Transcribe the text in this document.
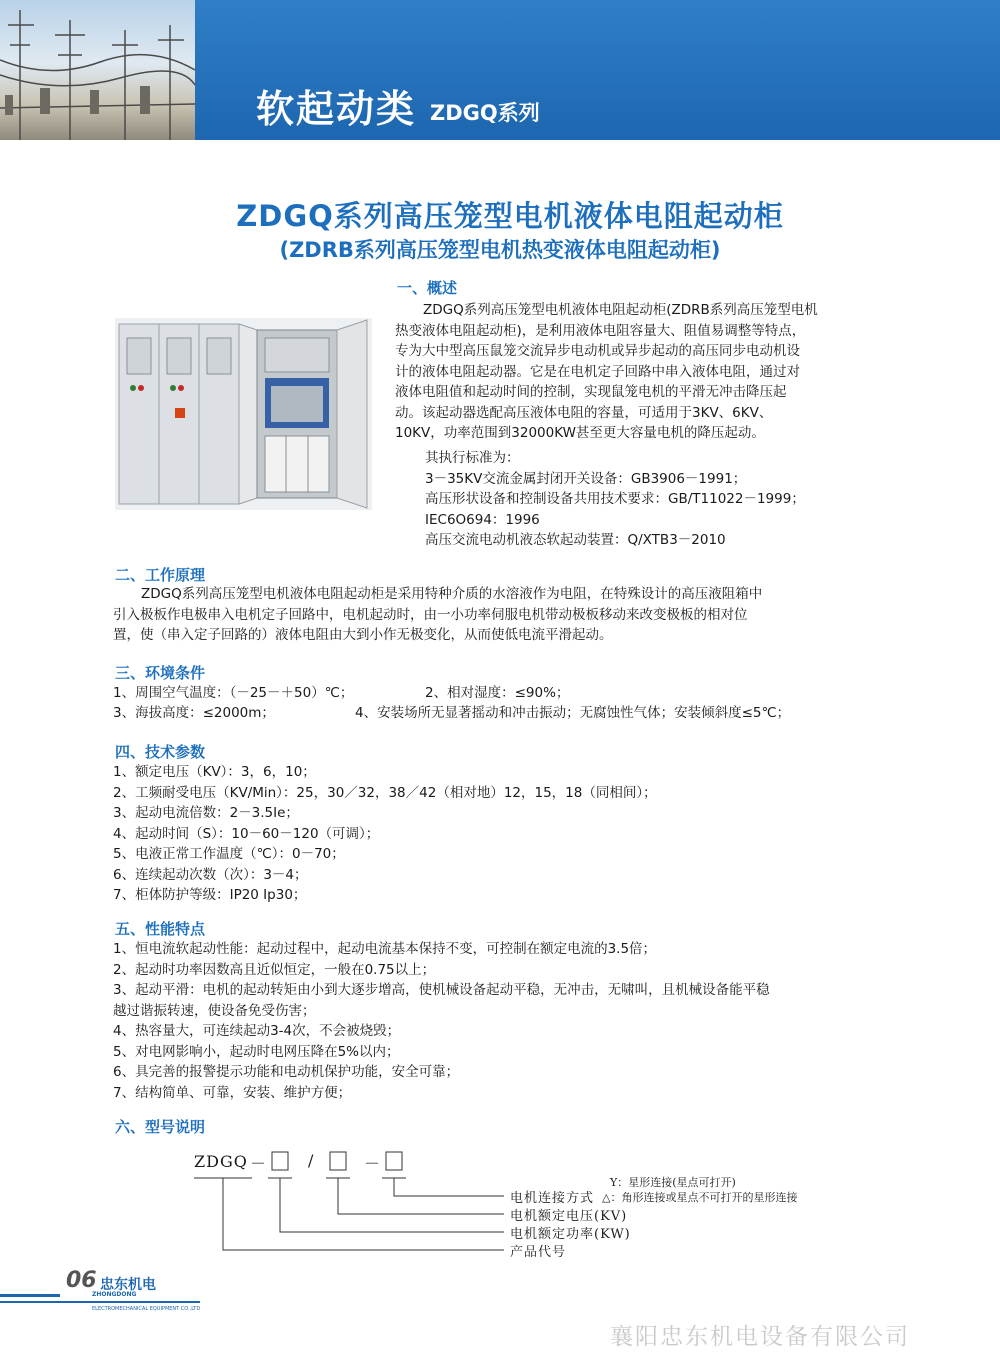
软起动类 ZDGQ系列
ZDGQ系列高压笼型电机液体电阻起动柜
(ZDRB系列高压笼型电机热变液体电阻起动柜)
一、概述
ZDGQ系列高压笼型电机液体电阻起动柜(ZDRB系列高压笼型电机
热变液体电阻起动柜)，是利用液体电阻容量大、阻值易调整等特点，
专为大中型高压鼠笼交流异步电动机或异步起动的高压同步电动机设
计的液体电阻起动器。它是在电机定子回路中串入液体电阻，通过对
液体电阻值和起动时间的控制，实现鼠笼电机的平滑无冲击降压起
动。该起动器选配高压液体电阻的容量，可适用于3KV、6KV、
10KV，功率范围到32000KW甚至更大容量电机的降压起动。
其执行标准为：
3－35KV交流金属封闭开关设备：GB3906－1991；
高压形状设备和控制设备共用技术要求：GB/T11022－1999；
IEC6O694：1996
高压交流电动机液态软起动装置：Q/XTB3－2010
二、工作原理
ZDGQ系列高压笼型电机液体电阻起动柜是采用特种介质的水溶液作为电阻，在特殊设计的高压液阻箱中
引入极板作电极串入电机定子回路中，电机起动时，由一小功率伺服电机带动极板移动来改变极板的相对位
置，使（串入定子回路的）液体电阻由大到小作无极变化，从而使低电流平滑起动。
三、环境条件
1、周围空气温度：（－25－＋50）℃；	2、相对湿度：≤90%；
3、海拔高度：≤2000m；	4、安装场所无显著摇动和冲击振动；无腐蚀性气体；安装倾斜度≤5℃；
四、技术参数
1、额定电压（KV）：3，6，10；
2、工频耐受电压（KV/Min）：25，30／32，38／42（相对地）12，15，18（同相间）；
3、起动电流倍数：2－3.5Ie；
4、起动时间（S）：10－60－120（可调）；
5、电液正常工作温度（℃）：0－70；
6、连续起动次数（次）：3－4；
7、柜体防护等级：IP20 Ip30；
五、性能特点
1、恒电流软起动性能：起动过程中，起动电流基本保持不变，可控制在额定电流的3.5倍；
2、起动时功率因数高且近似恒定，一般在0.75以上；
3、起动平滑：电机的起动转矩由小到大逐步增高，使机械设备起动平稳，无冲击，无啸叫，且机械设备能平稳
越过谐振转速，使设备免受伤害；
4、热容量大，可连续起动3-4次，不会被烧毁；
5、对电网影响小，起动时电网压降在5%以内；
6、具完善的报警提示功能和电动机保护功能，安全可靠；
7、结构简单、可靠，安装、维护方便；
六、型号说明
ZDGQ －	/	－
电机连接方式
电机额定电压(KV)
电机额定功率(KW)
产品代号
Y：星形连接(星点可打开)
△：角形连接或星点不可打开的星形连接
06 忠东机电
ZHONGDONG
ELECTROMECHANICAL EQUIPMENT CO.,LTD
襄阳忠东机电设备有限公司
